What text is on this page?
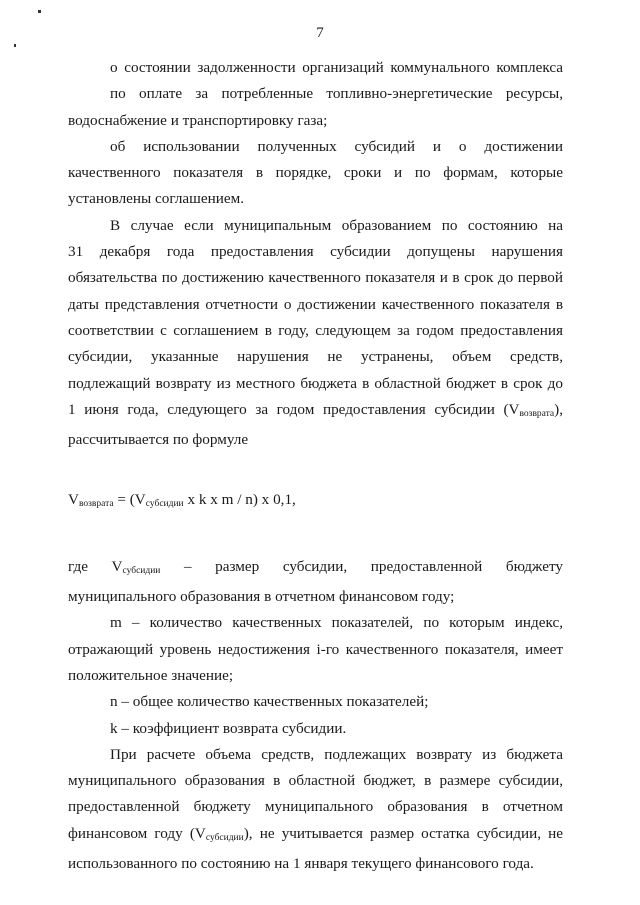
7

о состоянии задолженности организаций коммунального комплекса
по оплате за потребленные топливно-энергетические ресурсы,
водоснабжение и транспортировку газа;

об использовании полученных субсидий и о достижении
качественного показателя в порядке, сроки и по формам, которые
установлены соглашением.

В случае если муниципальным образованием по состоянию на
31 декабря года предоставления субсидии допущены нарушения
обязательства по достижению качественного показателя и в срок до первой
даты представления отчетности о достижении качественного показателя в
соответствии с соглашением в году, следующем за годом предоставления
субсидии, указанные нарушения не устранены, объем средств,
подлежащий возврату из местного бюджета в областной бюджет в срок до
1 июня года, следующего за годом предоставления субсидии $(V_{возврата})$,
рассчитывается по формуле

$V_{возврата} = (V_{субсидии}$ x k x m / n) x 0,1,

где $V_{субсидии}$ – размер субсидии, предоставленной бюджету
муниципального образования в отчетном финансовом году;

m – количество качественных показателей, по которым индекс,
отражающий уровень недостижения i-го качественного показателя, имеет
положительное значение;

n – общее количество качественных показателей;

k – коэффициент возврата субсидии.

При расчете объема средств, подлежащих возврату из бюджета
муниципального образования в областной бюджет, в размере субсидии,
предоставленной бюджету муниципального образования в отчетном
финансовом году $(V_{субсидии})$, не учитывается размер остатка субсидии, не
использованного по состоянию на 1 января текущего финансового года.
